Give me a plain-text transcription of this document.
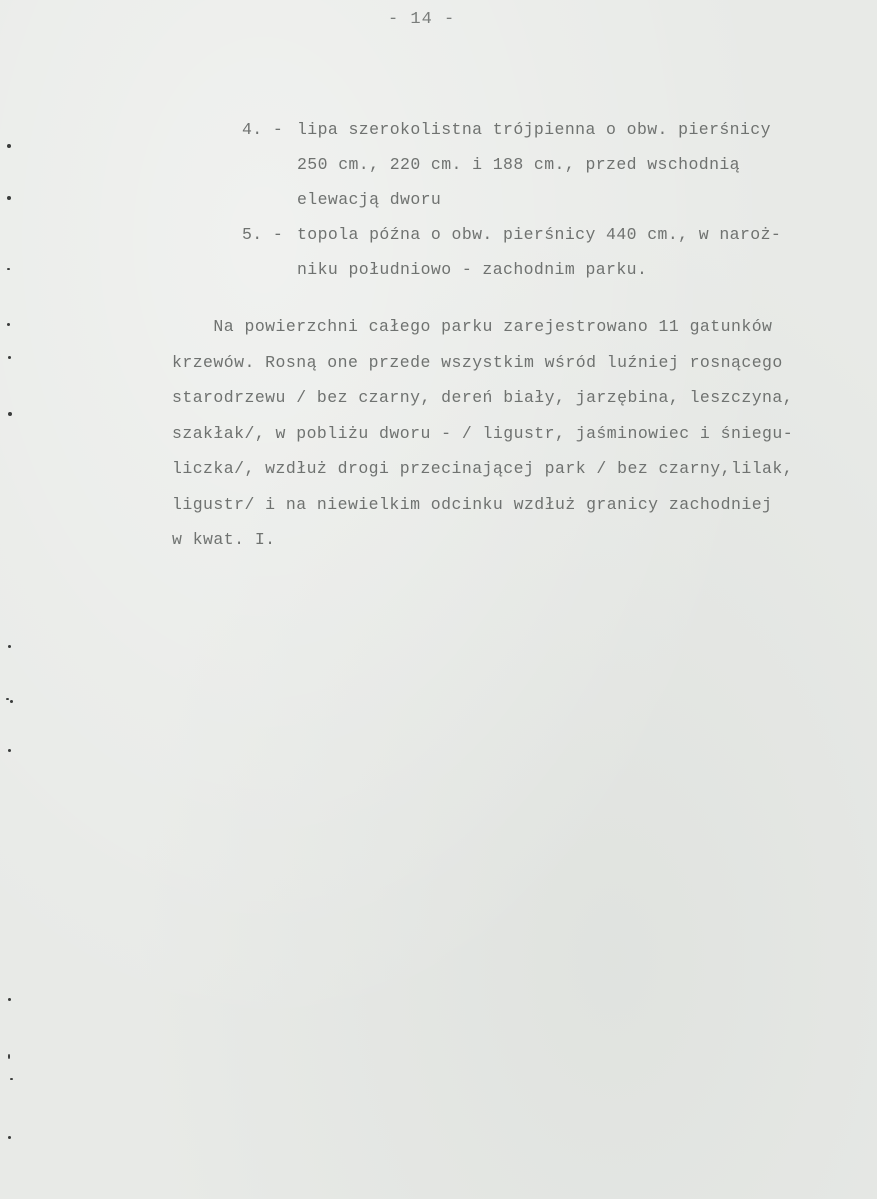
- 14 -
4. - lipa szerokolistna trójpienna o obw. pierśnicy
250 cm., 220 cm. i 188 cm., przed wschodnią
elewacją dworu
5. - topola późna o obw. pierśnicy 440 cm., w naroż-
niku południowo - zachodnim parku.
Na powierzchni całego parku zarejestrowano 11 gatunków
krzewów. Rosną one przede wszystkim wśród luźniej rosnącego
starodrzewu / bez czarny, dereń biały, jarzębina, leszczyna,
szakłak/, w pobliżu dworu - / ligustr, jaśminowiec i śniegu-
liczka/, wzdłuż drogi przecinającej park / bez czarny,lilak,
ligustr/ i na niewielkim odcinku wzdłuż granicy zachodniej
w kwat. I.
